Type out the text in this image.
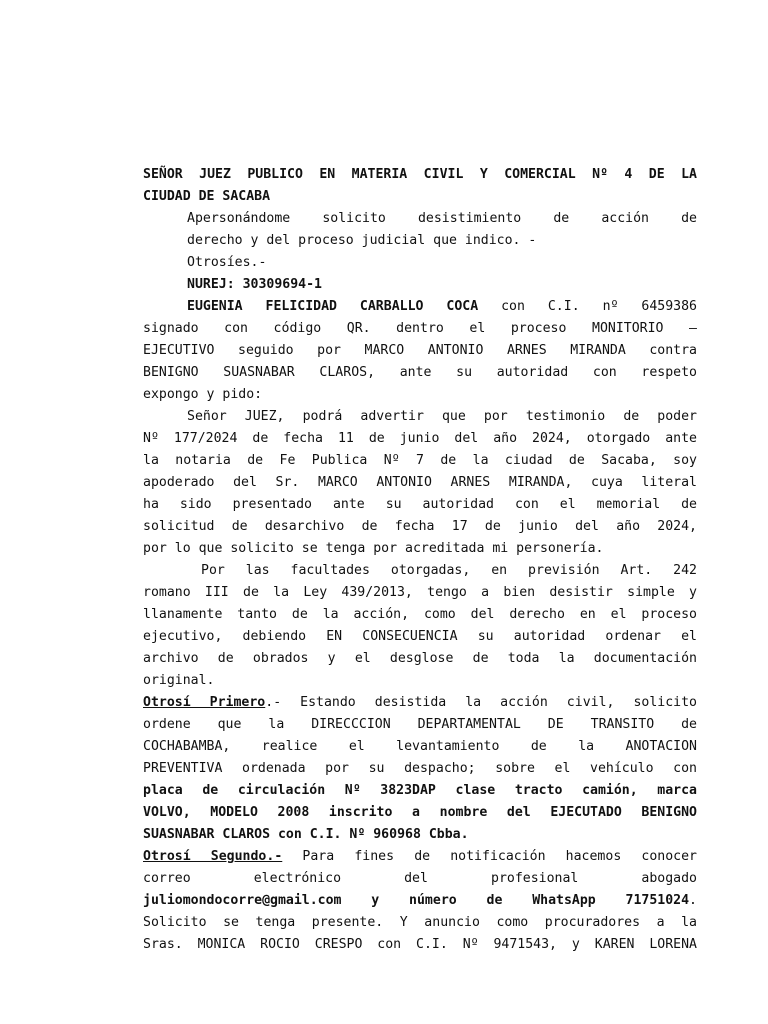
SEÑOR JUEZ PUBLICO EN MATERIA CIVIL Y COMERCIAL Nº 4 DE LA
CIUDAD DE SACABA
Apersonándome solicito desistimiento de acción de
derecho y del proceso judicial que indico. -
Otrosíes.-
NUREJ: 30309694-1
EUGENIA FELICIDAD CARBALLO COCA con C.I. nº 6459386
signado con código QR. dentro el proceso MONITORIO –
EJECUTIVO seguido por MARCO ANTONIO ARNES MIRANDA contra
BENIGNO SUASNABAR CLAROS, ante su autoridad con respeto
expongo y pido:
Señor JUEZ, podrá advertir que por testimonio de poder
Nº 177/2024 de fecha 11 de junio del año 2024, otorgado ante
la notaria de Fe Publica Nº 7 de la ciudad de Sacaba, soy
apoderado del Sr. MARCO ANTONIO ARNES MIRANDA, cuya literal
ha sido presentado ante su autoridad con el memorial de
solicitud de desarchivo de fecha 17 de junio del año 2024,
por lo que solicito se tenga por acreditada mi personería.
Por las facultades otorgadas, en previsión Art. 242
romano III de la Ley 439/2013, tengo a bien desistir simple y
llanamente tanto de la acción, como del derecho en el proceso
ejecutivo, debiendo EN CONSECUENCIA su autoridad ordenar el
archivo de obrados y el desglose de toda la documentación
original.
Otrosí Primero.- Estando desistida la acción civil, solicito
ordene que la DIRECCCION DEPARTAMENTAL DE TRANSITO de
COCHABAMBA, realice el levantamiento de la ANOTACION
PREVENTIVA ordenada por su despacho; sobre el vehículo con
placa de circulación Nº 3823DAP clase tracto camión, marca
VOLVO, MODELO 2008 inscrito a nombre del EJECUTADO BENIGNO
SUASNABAR CLAROS con C.I. Nº 960968 Cbba.
Otrosí Segundo.- Para fines de notificación hacemos conocer
correo electrónico del profesional abogado
juliomondocorre@gmail.com y número de WhatsApp 71751024.
Solicito se tenga presente. Y anuncio como procuradores a la
Sras. MONICA ROCIO CRESPO con C.I. Nº 9471543, y KAREN LORENA
